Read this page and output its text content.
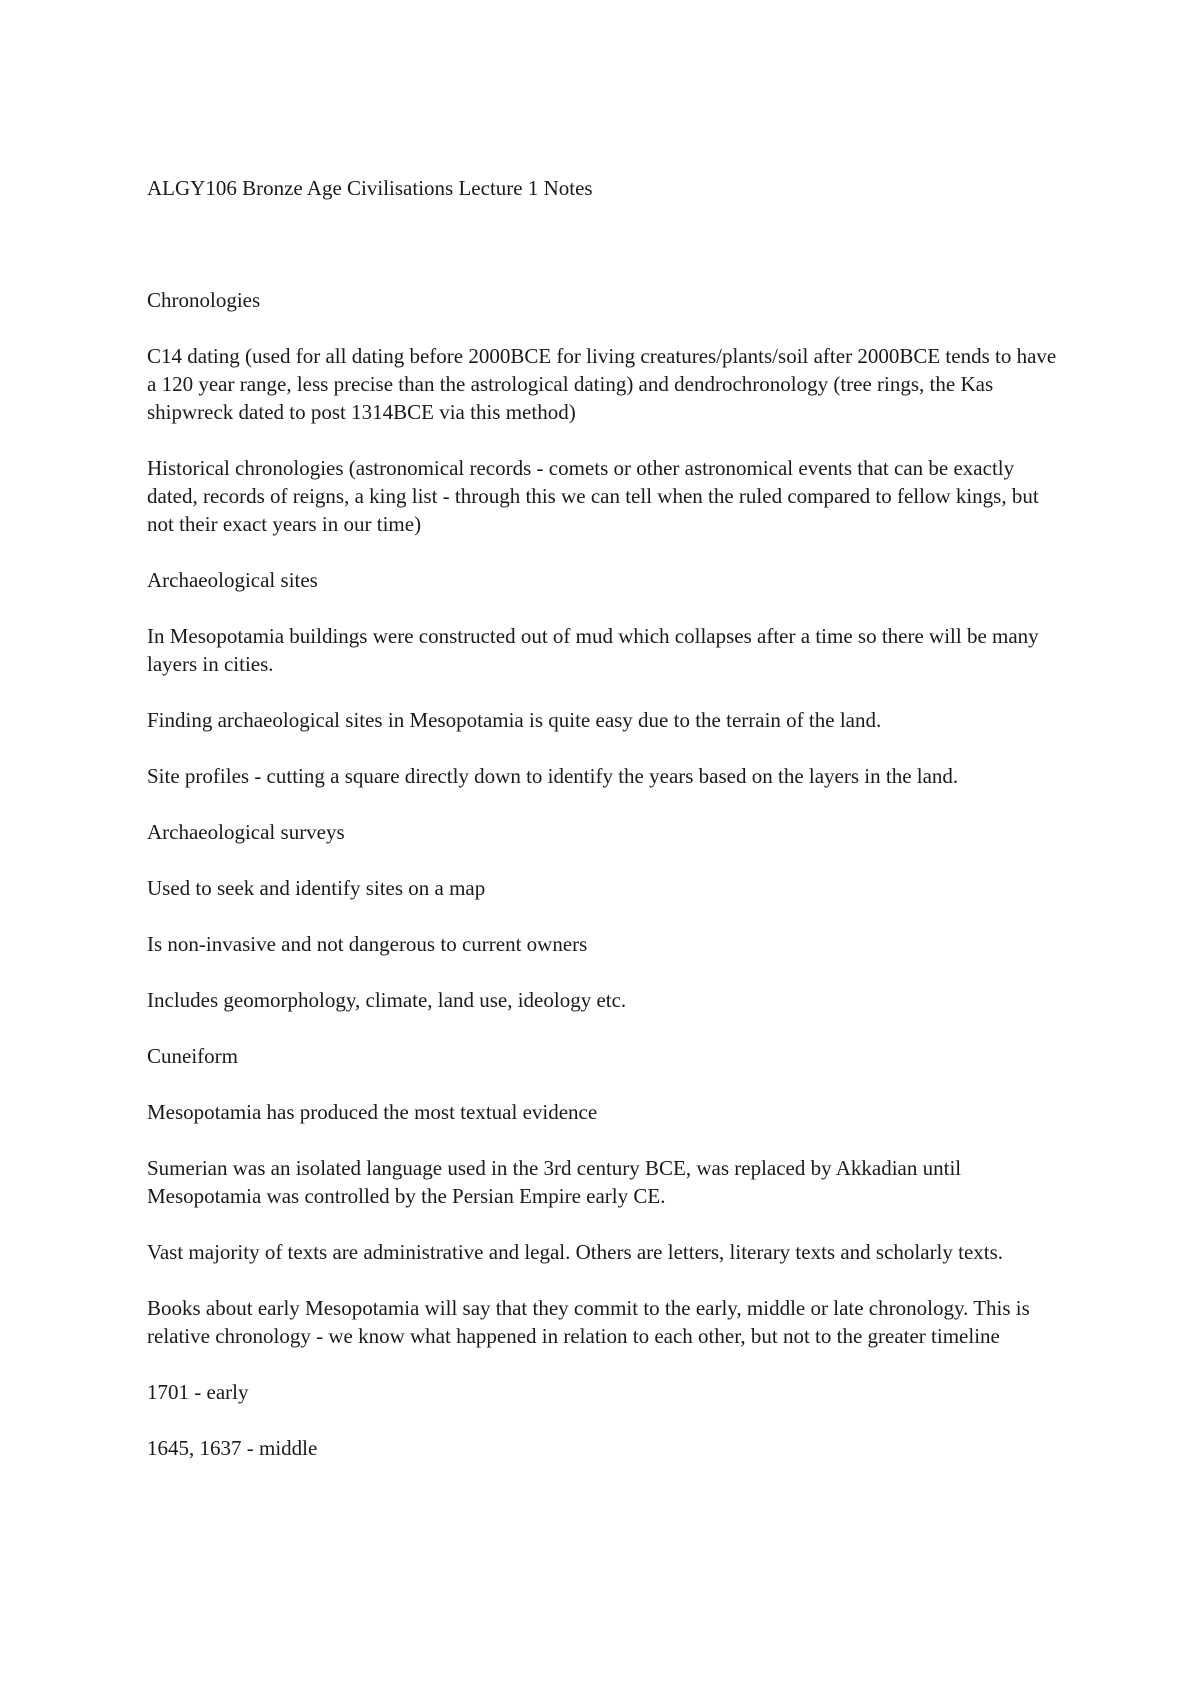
ALGY106 Bronze Age Civilisations Lecture 1 Notes

Chronologies

C14 dating (used for all dating before 2000BCE for living creatures/plants/soil after 2000BCE tends to have a 120 year range, less precise than the astrological dating) and dendrochronology (tree rings, the Kas shipwreck dated to post 1314BCE via this method)

Historical chronologies (astronomical records - comets or other astronomical events that can be exactly dated, records of reigns, a king list - through this we can tell when the ruled compared to fellow kings, but not their exact years in our time)

Archaeological sites

In Mesopotamia buildings were constructed out of mud which collapses after a time so there will be many layers in cities.

Finding archaeological sites in Mesopotamia is quite easy due to the terrain of the land.

Site profiles - cutting a square directly down to identify the years based on the layers in the land.

Archaeological surveys

Used to seek and identify sites on a map

Is non-invasive and not dangerous to current owners

Includes geomorphology, climate, land use, ideology etc.

Cuneiform

Mesopotamia has produced the most textual evidence

Sumerian was an isolated language used in the 3rd century BCE, was replaced by Akkadian until Mesopotamia was controlled by the Persian Empire early CE.

Vast majority of texts are administrative and legal. Others are letters, literary texts and scholarly texts.

Books about early Mesopotamia will say that they commit to the early, middle or late chronology. This is relative chronology - we know what happened in relation to each other, but not to the greater timeline

1701 - early

1645, 1637 - middle
